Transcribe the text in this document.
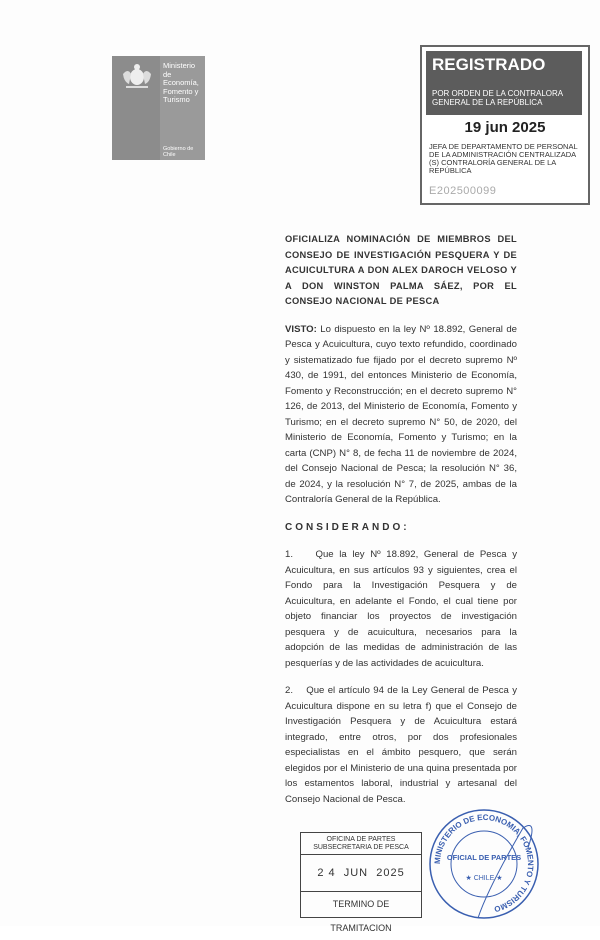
Ministerio de Economía, Fomento y Turismo
Gobierno de Chile
REGISTRADO
POR ORDEN DE LA CONTRALORA GENERAL DE LA REPÚBLICA
19 jun 2025
JEFA DE DEPARTAMENTO DE PERSONAL DE LA ADMINISTRACIÓN CENTRALIZADA (S) CONTRALORÍA GENERAL DE LA REPÚBLICA
E202500099
OFICIALIZA NOMINACIÓN DE MIEMBROS DEL CONSEJO DE INVESTIGACIÓN PESQUERA Y DE ACUICULTURA A DON ALEX DAROCH VELOSO Y A DON WINSTON PALMA SÁEZ, POR EL CONSEJO NACIONAL DE PESCA
VISTO: Lo dispuesto en la ley Nº 18.892, General de Pesca y Acuicultura, cuyo texto refundido, coordinado y sistematizado fue fijado por el decreto supremo Nº 430, de 1991, del entonces Ministerio de Economía, Fomento y Reconstrucción; en el decreto supremo N° 126, de 2013, del Ministerio de Economía, Fomento y Turismo; en el decreto supremo N° 50, de 2020, del Ministerio de Economía, Fomento y Turismo; en la carta (CNP) N° 8, de fecha 11 de noviembre de 2024, del Consejo Nacional de Pesca; la resolución N° 36, de 2024, y la resolución N° 7, de 2025, ambas de la Contraloría General de la República.
CONSIDERANDO:
1.    Que la ley Nº 18.892, General de Pesca y Acuicultura, en sus artículos 93 y siguientes, crea el Fondo para la Investigación Pesquera y de Acuicultura, en adelante el Fondo, el cual tiene por objeto financiar los proyectos de investigación pesquera y de acuicultura, necesarios para la adopción de las medidas de administración de las pesquerías y de las actividades de acuicultura.
2.    Que el artículo 94 de la Ley General de Pesca y Acuicultura dispone en su letra f) que el Consejo de Investigación Pesquera y de Acuicultura estará integrado, entre otros, por dos profesionales especialistas en el ámbito pesquero, que serán elegidos por el Ministerio de una quina presentada por los estamentos laboral, industrial y artesanal del Consejo Nacional de Pesca.
OFICINA DE PARTES SUBSECRETARIA DE PESCA
2 4  JUN  2025
TERMINO DE TRAMITACION
MINISTERIO DE ECONOMIA, FOMENTO Y TURISMO
OFICIAL DE PARTES
★ CHILE ★
